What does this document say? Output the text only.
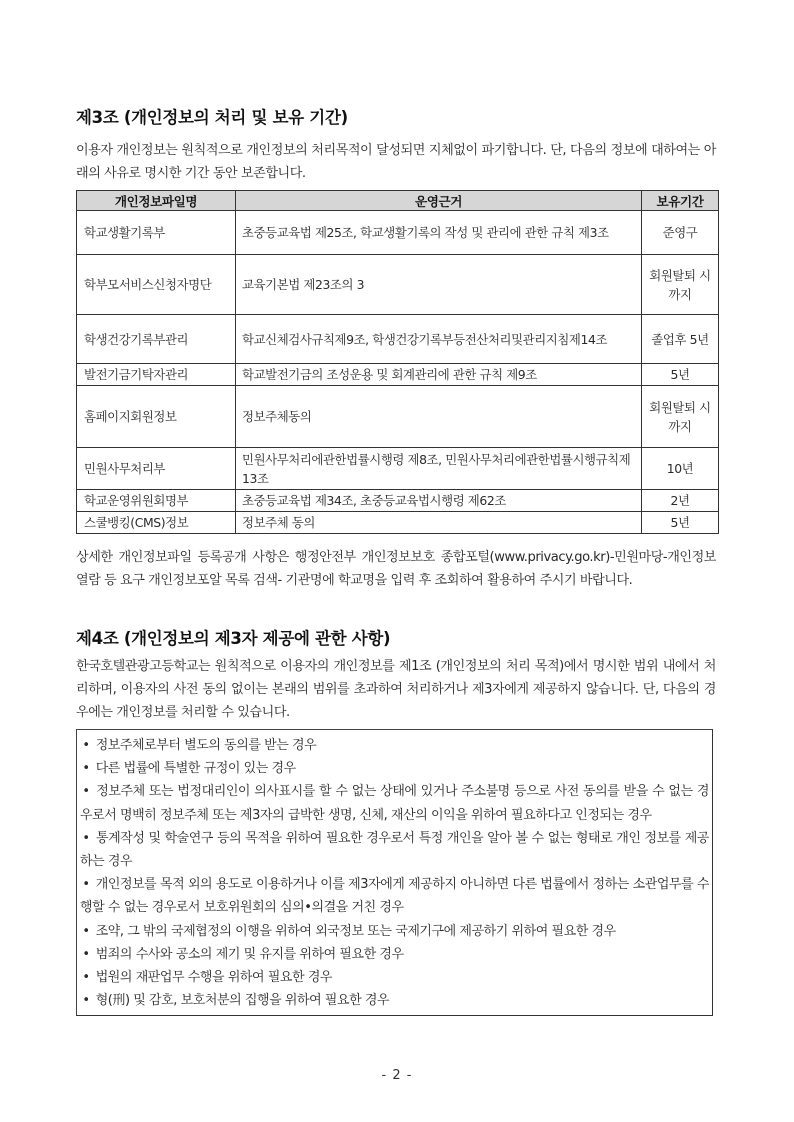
제3조 (개인정보의 처리 및 보유 기간)

이용자 개인정보는 원칙적으로 개인정보의 처리목적이 달성되면 지체없이 파기합니다. 단, 다음의 정보에 대하여는 아래의 사유로 명시한 기간 동안 보존합니다.

개인정보파일명	운영근거	보유기간
학교생활기록부	초중등교육법 제25조, 학교생활기록의 작성 및 관리에 관한 규칙 제3조	준영구
학부모서비스신청자명단	교육기본법 제23조의 3	회원탈퇴 시까지
학생건강기록부관리	학교신체검사규칙제9조, 학생건강기록부등전산처리및관리지침제14조	졸업후 5년
발전기금기탁자관리	학교발전기금의 조성운용 및 회계관리에 관한 규칙 제9조	5년
홈페이지회원정보	정보주체동의	회원탈퇴 시까지
민원사무처리부	민원사무처리에관한법률시행령 제8조, 민원사무처리에관한법률시행규칙제13조	10년
학교운영위원회명부	초중등교육법 제34조, 초중등교육법시행령 제62조	2년
스쿨뱅킹(CMS)정보	정보주체 동의	5년

상세한 개인정보파일 등록공개 사항은 행정안전부 개인정보보호 종합포털(www.privacy.go.kr)-민원마당-개인정보 열람 등 요구 개인정보포알 목록 검색- 기관명에 학교명을 입력 후 조회하여 활용하여 주시기 바랍니다.

제4조 (개인정보의 제3자 제공에 관한 사항)

한국호텔관광고등학교는 원칙적으로 이용자의 개인정보를 제1조 (개인정보의 처리 목적)에서 명시한 범위 내에서 처리하며, 이용자의 사전 동의 없이는 본래의 범위를 초과하여 처리하거나 제3자에게 제공하지 않습니다. 단, 다음의 경우에는 개인정보를 처리할 수 있습니다.

• 정보주체로부터 별도의 동의를 받는 경우

• 다른 법률에 특별한 규정이 있는 경우

• 정보주체 또는 법정대리인이 의사표시를 할 수 없는 상태에 있거나 주소불명 등으로 사전 동의를 받을 수 없는 경우로서 명백히 정보주체 또는 제3자의 급박한 생명, 신체, 재산의 이익을 위하여 필요하다고 인정되는 경우

• 통계작성 및 학술연구 등의 목적을 위하여 필요한 경우로서 특정 개인을 알아 볼 수 없는 형태로 개인 정보를 제공하는 경우

• 개인정보를 목적 외의 용도로 이용하거나 이를 제3자에게 제공하지 아니하면 다른 법률에서 정하는 소관업무를 수행할 수 없는 경우로서 보호위원회의 심의•의결을 거친 경우

• 조약, 그 밖의 국제협정의 이행을 위하여 외국정보 또는 국제기구에 제공하기 위하여 필요한 경우

• 범죄의 수사와 공소의 제기 및 유지를 위하여 필요한 경우

• 법원의 재판업무 수행을 위하여 필요한 경우

• 형(刑) 및 감호, 보호처분의 집행을 위하여 필요한 경우

- 2 -
